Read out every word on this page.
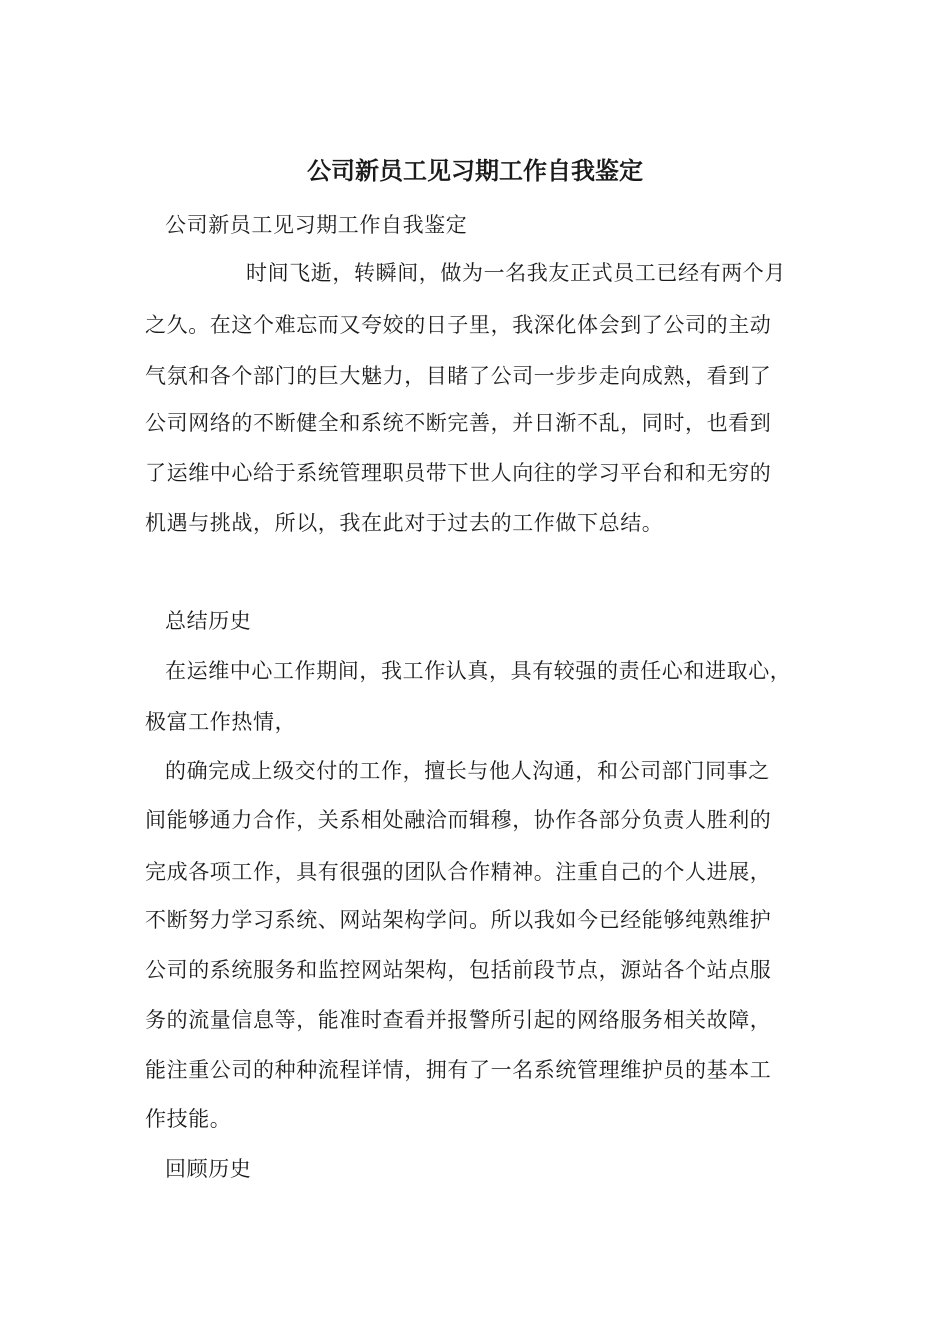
公司新员工见习期工作自我鉴定
公司新员工见习期工作自我鉴定
时间飞逝，转瞬间，做为一名我友正式员工已经有两个月
之久。在这个难忘而又夸姣的日子里，我深化体会到了公司的主动
气氛和各个部门的巨大魅力，目睹了公司一步步走向成熟，看到了
公司网络的不断健全和系统不断完善，并日渐不乱，同时，也看到
了运维中心给于系统管理职员带下世人向往的学习平台和和无穷的
机遇与挑战，所以，我在此对于过去的工作做下总结。
总结历史
在运维中心工作期间，我工作认真，具有较强的责任心和进取心，
极富工作热情，
的确完成上级交付的工作，擅长与他人沟通，和公司部门同事之
间能够通力合作，关系相处融洽而辑穆，协作各部分负责人胜利的
完成各项工作，具有很强的团队合作精神。注重自己的个人进展，
不断努力学习系统、网站架构学问。所以我如今已经能够纯熟维护
公司的系统服务和监控网站架构，包括前段节点，源站各个站点服
务的流量信息等，能准时查看并报警所引起的网络服务相关故障，
能注重公司的种种流程详情，拥有了一名系统管理维护员的基本工
作技能。
回顾历史
